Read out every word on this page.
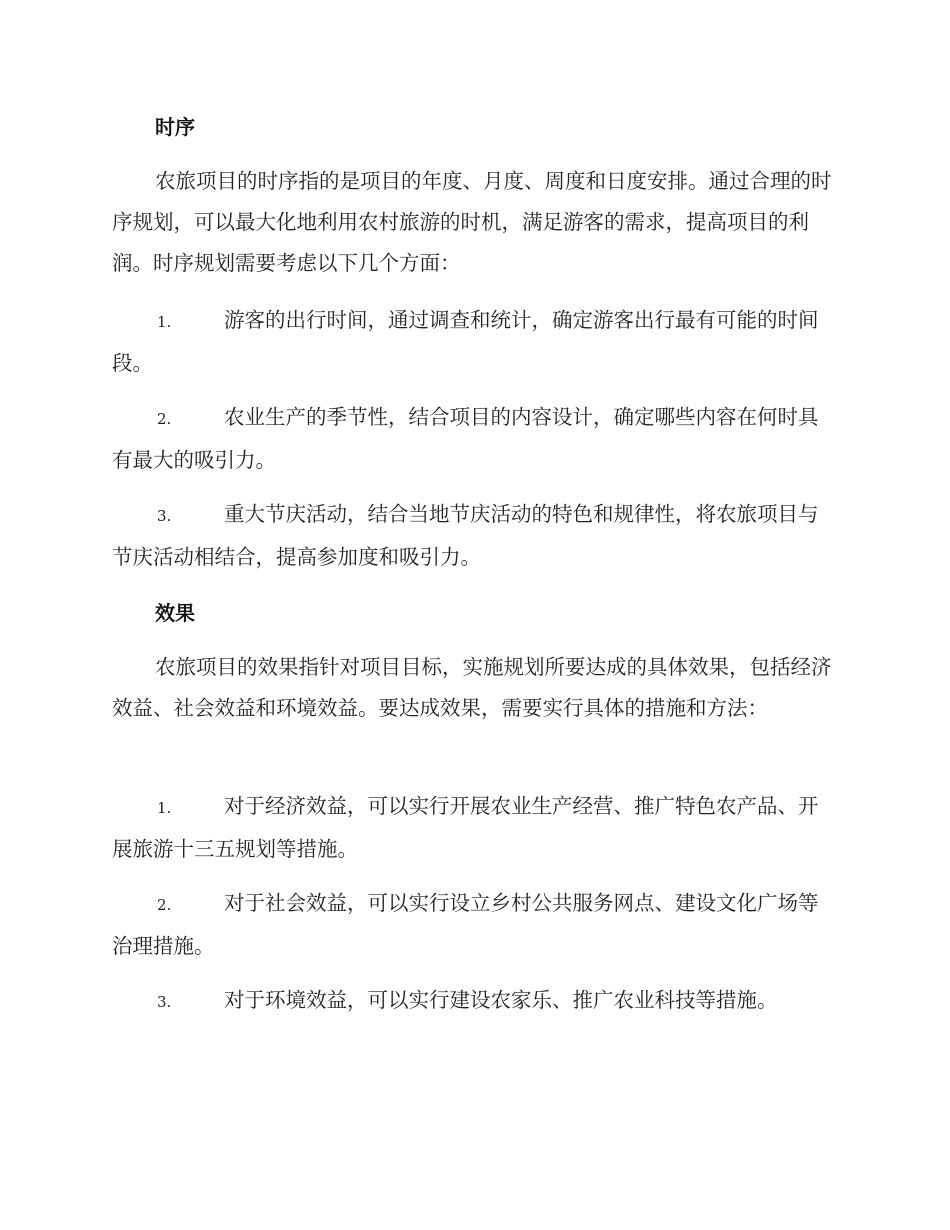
时序

农旅项目的时序指的是项目的年度、月度、周度和日度安排。通过合理的时序规划，可以最大化地利用农村旅游的时机，满足游客的需求，提高项目的利润。时序规划需要考虑以下几个方面：

1.	游客的出行时间，通过调查和统计，确定游客出行最有可能的时间段。

2.	农业生产的季节性，结合项目的内容设计，确定哪些内容在何时具有最大的吸引力。

3.	重大节庆活动，结合当地节庆活动的特色和规律性，将农旅项目与节庆活动相结合，提高参加度和吸引力。

效果

农旅项目的效果指针对项目目标，实施规划所要达成的具体效果，包括经济效益、社会效益和环境效益。要达成效果，需要实行具体的措施和方法：

1.	对于经济效益，可以实行开展农业生产经营、推广特色农产品、开展旅游十三五规划等措施。

2.	对于社会效益，可以实行设立乡村公共服务网点、建设文化广场等治理措施。

3.	对于环境效益，可以实行建设农家乐、推广农业科技等措施。
